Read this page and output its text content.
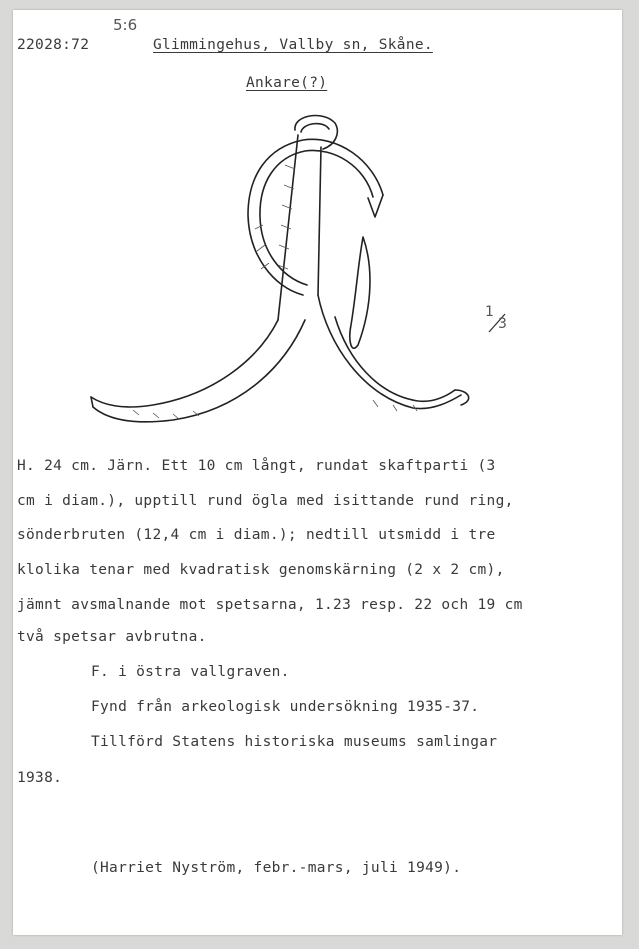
5:6
22028:72	Glimmingehus, Vallby sn, Skåne.
Ankare(?)
1
3
H. 24 cm. Järn. Ett 10 cm långt, rundat skaftparti (3
cm i diam.), upptill rund ögla med isittande rund ring,
sönderbruten (12,4 cm i diam.); nedtill utsmidd i tre
klolika tenar med kvadratisk genomskärning (2 x 2 cm),
jämnt avsmalnande mot spetsarna, 1.23 resp. 22 och 19 cm
två spetsar avbrutna.
F. i östra vallgraven.
Fynd från arkeologisk undersökning 1935-37.
Tillförd Statens historiska museums samlingar
1938.
(Harriet Nyström, febr.-mars, juli 1949).
